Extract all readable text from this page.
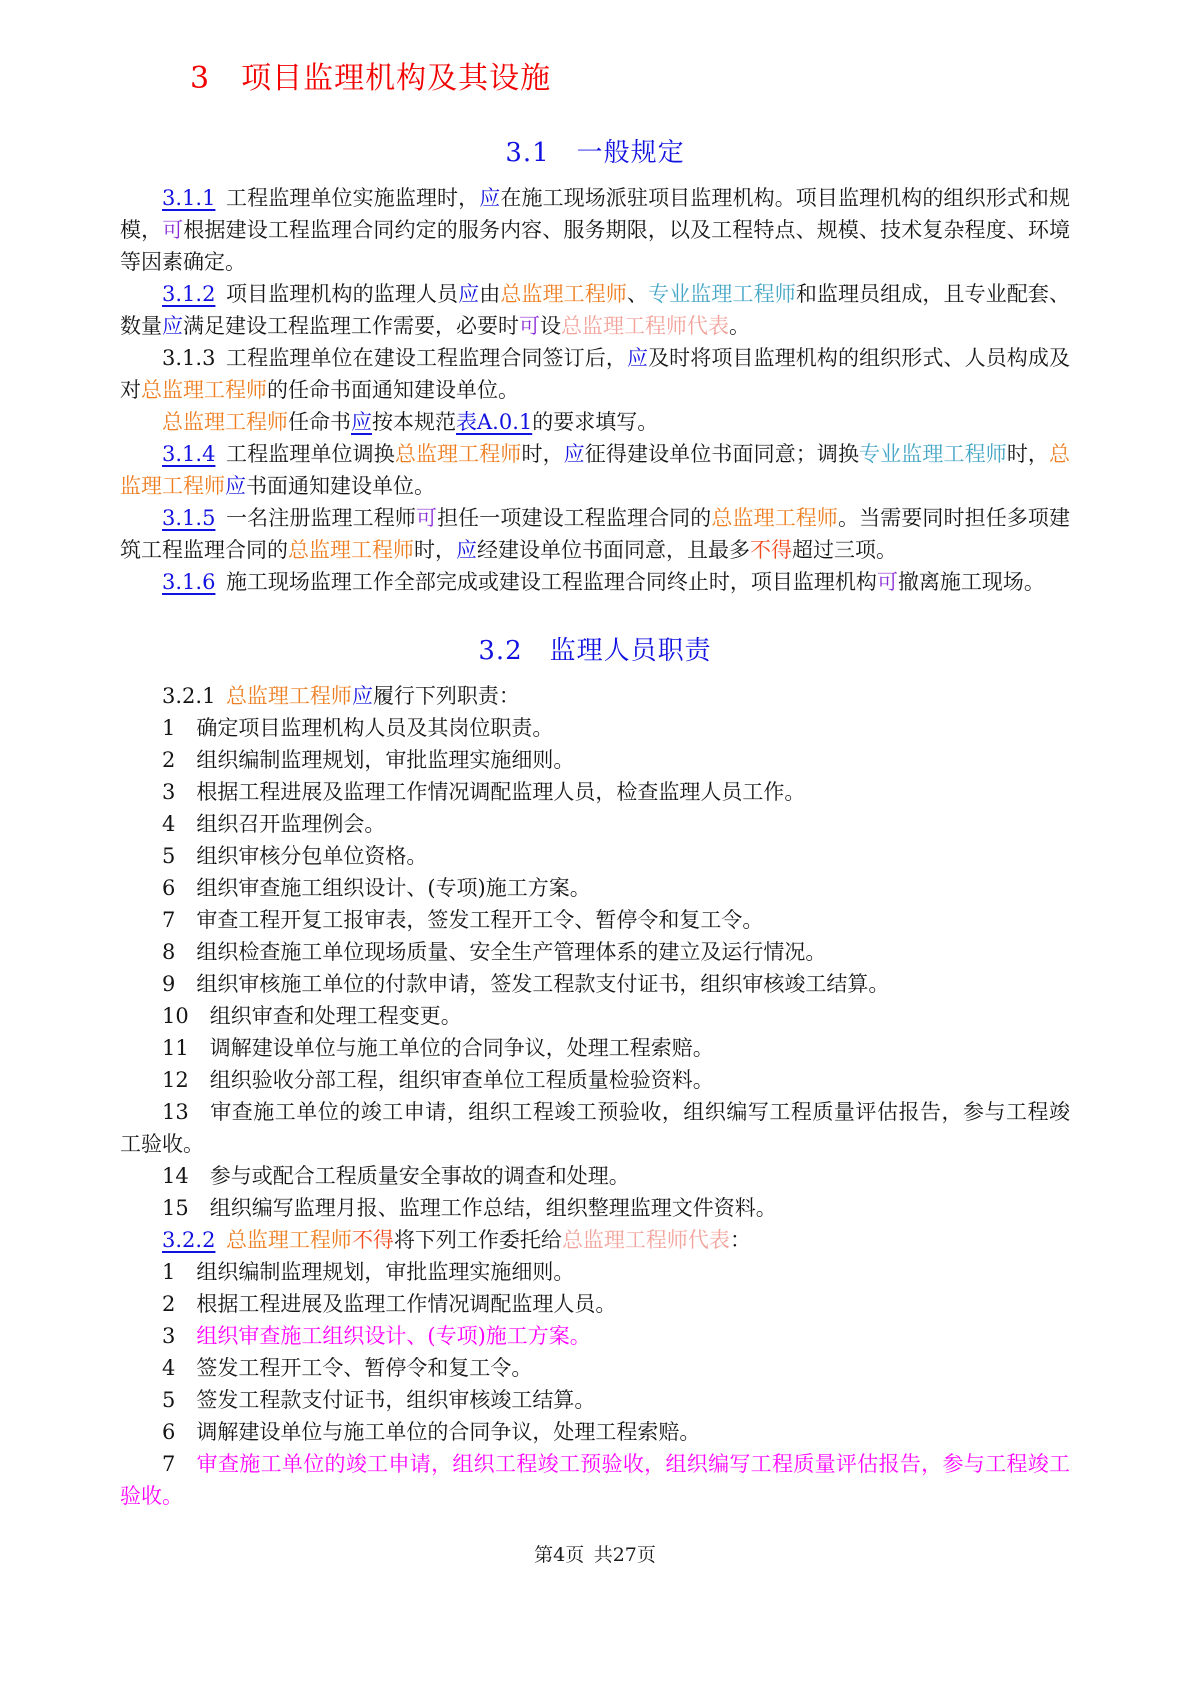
3 项目监理机构及其设施
3.1　一般规定
3.1.1 工程监理单位实施监理时，应在施工现场派驻项目监理机构。项目监理机构的组织形式和规模，可根据建设工程监理合同约定的服务内容、服务期限，以及工程特点、规模、技术复杂程度、环境等因素确定。
3.1.2 项目监理机构的监理人员应由总监理工程师、专业监理工程师和监理员组成，且专业配套、数量应满足建设工程监理工作需要，必要时可设总监理工程师代表。
3.1.3 工程监理单位在建设工程监理合同签订后，应及时将项目监理机构的组织形式、人员构成及对总监理工程师的任命书面通知建设单位。
总监理工程师任命书应按本规范表A.0.1的要求填写。
3.1.4 工程监理单位调换总监理工程师时，应征得建设单位书面同意；调换专业监理工程师时，总监理工程师应书面通知建设单位。
3.1.5 一名注册监理工程师可担任一项建设工程监理合同的总监理工程师。当需要同时担任多项建筑工程监理合同的总监理工程师时，应经建设单位书面同意，且最多不得超过三项。
3.1.6 施工现场监理工作全部完成或建设工程监理合同终止时，项目监理机构可撤离施工现场。
3.2　监理人员职责
3.2.1 总监理工程师应履行下列职责：
1 确定项目监理机构人员及其岗位职责。
2 组织编制监理规划，审批监理实施细则。
3 根据工程进展及监理工作情况调配监理人员，检查监理人员工作。
4 组织召开监理例会。
5 组织审核分包单位资格。
6 组织审查施工组织设计、(专项)施工方案。
7 审查工程开复工报审表，签发工程开工令、暂停令和复工令。
8 组织检查施工单位现场质量、安全生产管理体系的建立及运行情况。
9 组织审核施工单位的付款申请，签发工程款支付证书，组织审核竣工结算。
10 组织审查和处理工程变更。
11 调解建设单位与施工单位的合同争议，处理工程索赔。
12 组织验收分部工程，组织审查单位工程质量检验资料。
13 审查施工单位的竣工申请，组织工程竣工预验收，组织编写工程质量评估报告，参与工程竣工验收。
14 参与或配合工程质量安全事故的调查和处理。
15 组织编写监理月报、监理工作总结，组织整理监理文件资料。
3.2.2  总监理工程师不得将下列工作委托给总监理工程师代表：
1 组织编制监理规划，审批监理实施细则。
2 根据工程进展及监理工作情况调配监理人员。
3 组织审查施工组织设计、(专项)施工方案。
4 签发工程开工令、暂停令和复工令。
5 签发工程款支付证书，组织审核竣工结算。
6 调解建设单位与施工单位的合同争议，处理工程索赔。
7 审查施工单位的竣工申请，组织工程竣工预验收，组织编写工程质量评估报告，参与工程竣工验收。
第4页 共27页
